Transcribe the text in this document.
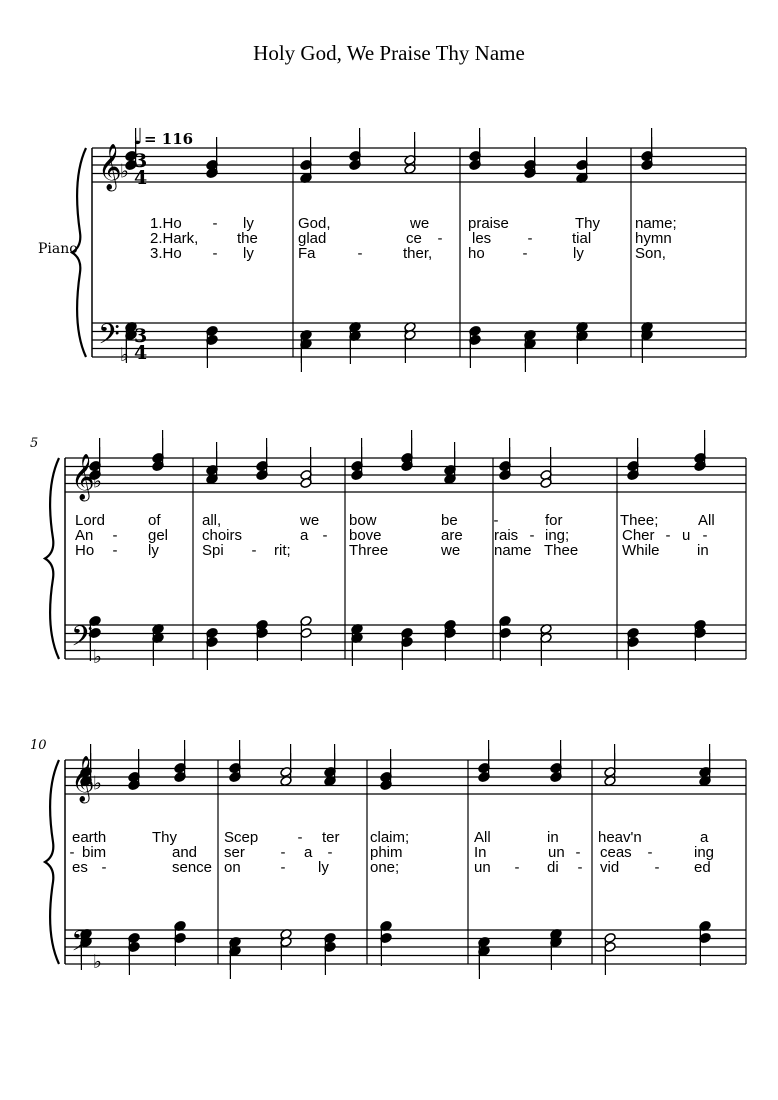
Holy God, We Praise Thy Name
Piano
♩ = 116
𝄞
𝄢
♭
♭
3
4
3
4
𝄞
𝄢
♭
♭
𝄞
𝄢
♭
♭
5
10
1.Ho - ly	God,	we	praise	Thy name;
2.Hark,	the	glad	ce - les -	tial	hymn
3.Ho - ly	Fa	-	ther, ho	-	ly	Son,
Lord	of	all,	we bow	be -	for	Thee;	All
An - gel choirs	a - bove	are rais - ing;	Cher - u -
Ho - ly	Spi - rit;	Three	we name Thee	While in
earth	Thy	Scep	- ter claim;	All	in	heav'n	a
- bim	and ser - a -	phim	In	un - ceas -	ing
es -	sence on	- ly	one;	un - di - vid - ed
